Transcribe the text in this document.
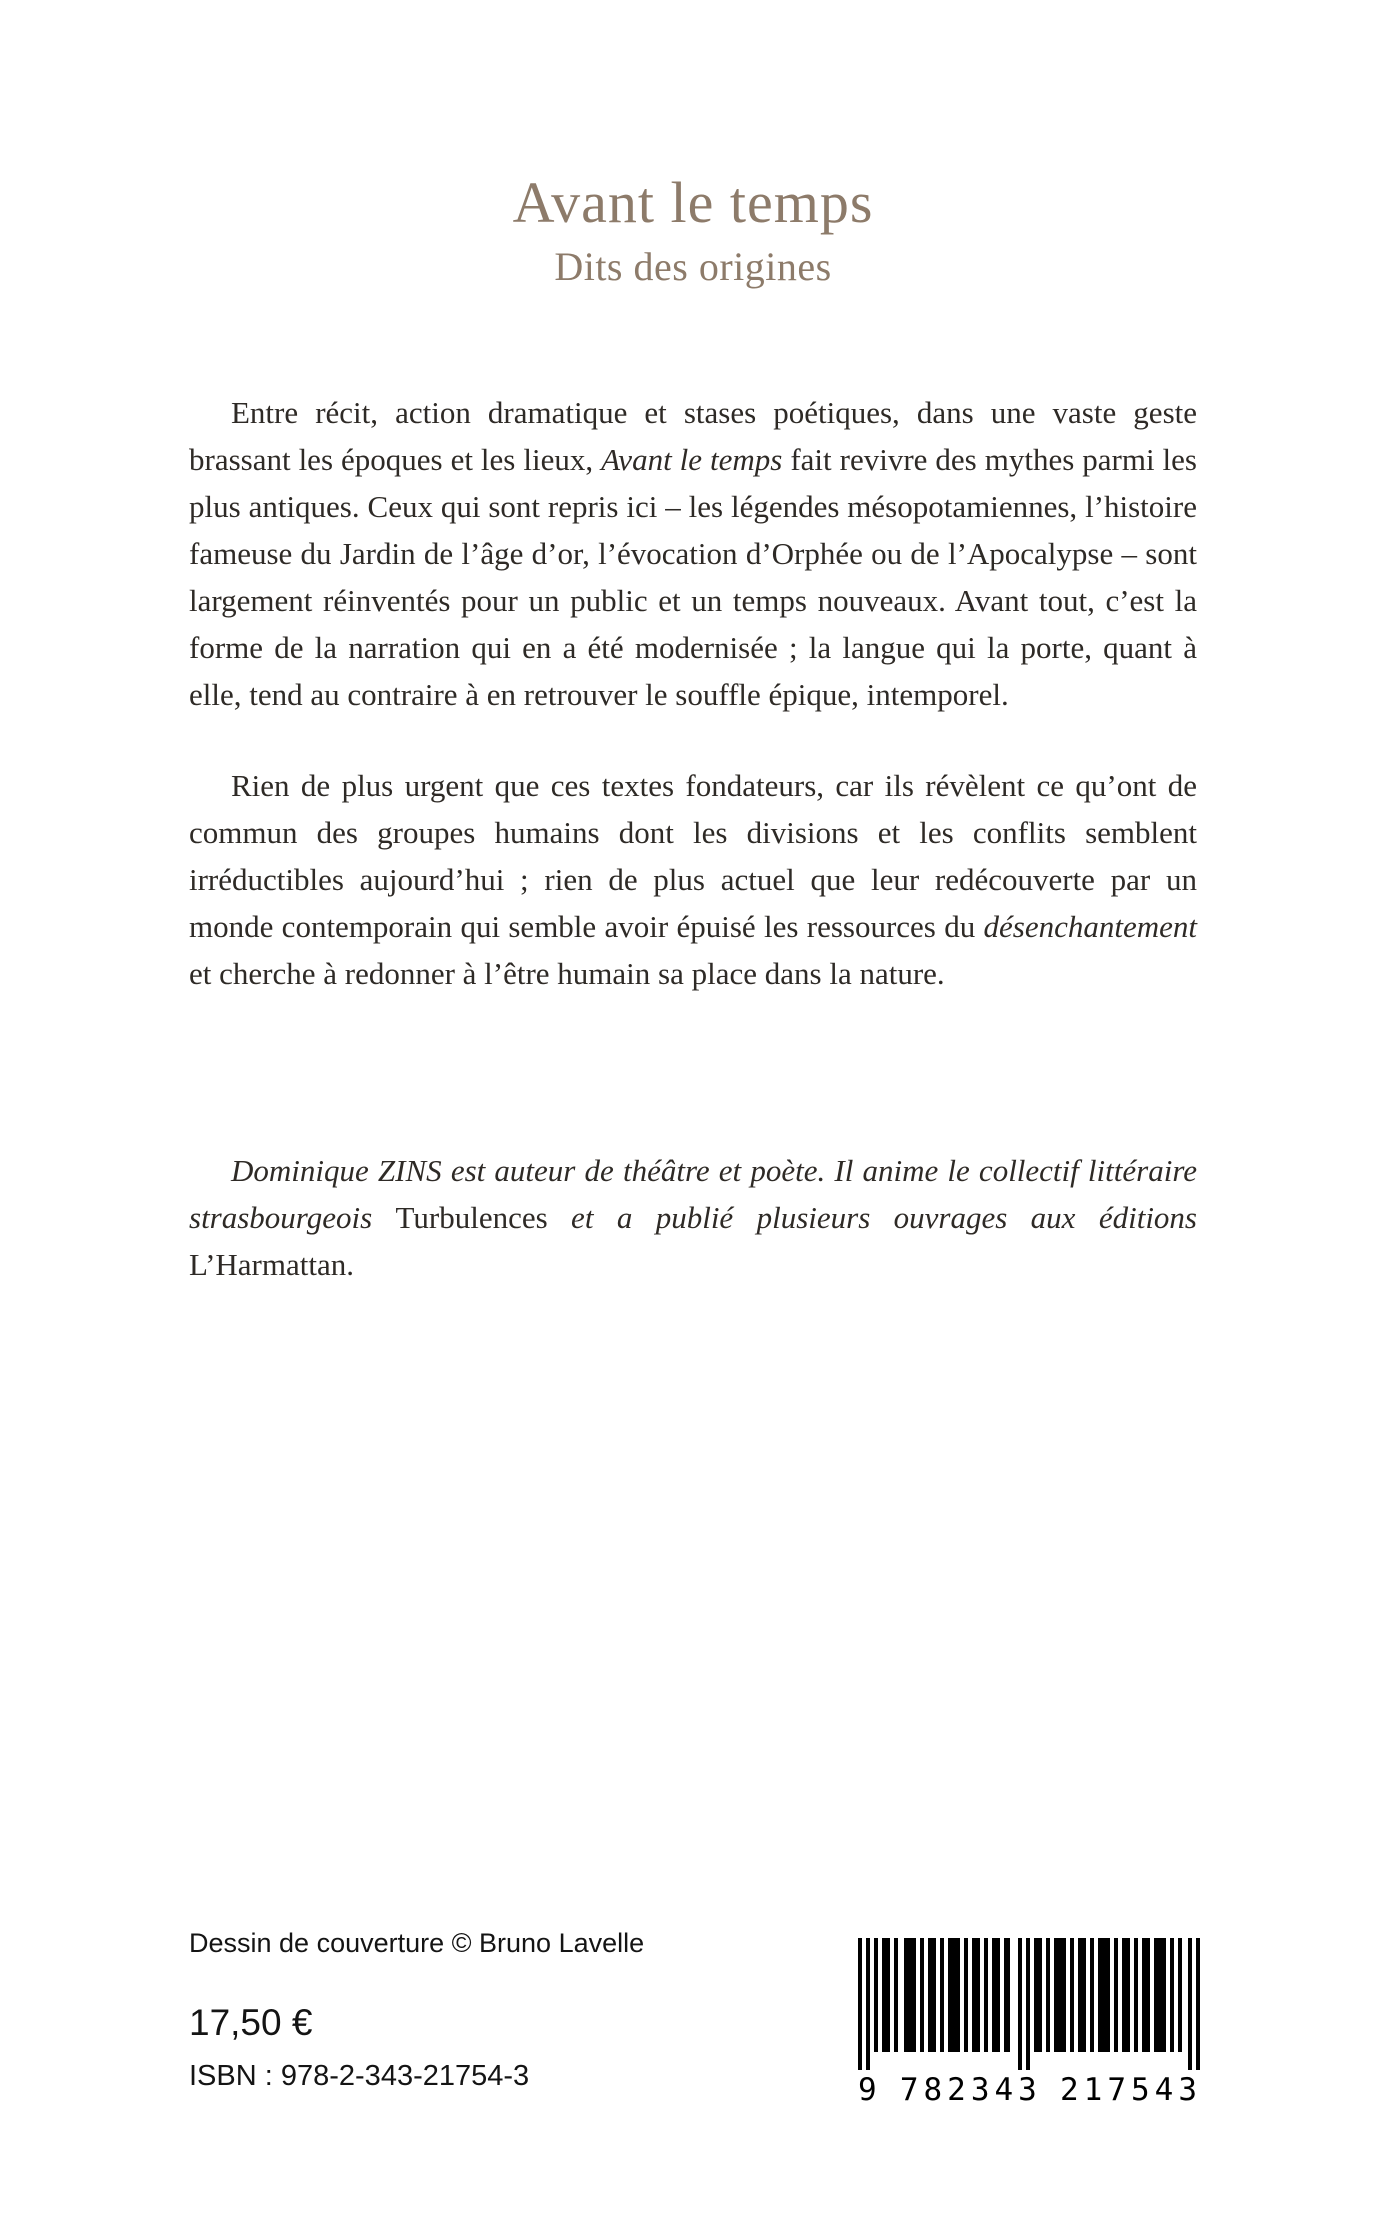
Avant le temps
Dits des origines

Entre récit, action dramatique et stases poétiques, dans une vaste geste brassant les époques et les lieux, Avant le temps fait revivre des mythes parmi les plus antiques. Ceux qui sont repris ici – les légendes mésopotamiennes, l’histoire fameuse du Jardin de l’âge d’or, l’évocation d’Orphée ou de l’Apocalypse – sont largement réinventés pour un public et un temps nouveaux. Avant tout, c’est la forme de la narration qui en a été modernisée ; la langue qui la porte, quant à elle, tend au contraire à en retrouver le souffle épique, intemporel.

Rien de plus urgent que ces textes fondateurs, car ils révèlent ce qu’ont de commun des groupes humains dont les divisions et les conflits semblent irréductibles aujourd’hui ; rien de plus actuel que leur redécouverte par un monde contemporain qui semble avoir épuisé les ressources du désenchantement et cherche à redonner à l’être humain sa place dans la nature.

Dominique ZINS est auteur de théâtre et poète. Il anime le collectif littéraire strasbourgeois Turbulences et a publié plusieurs ouvrages aux éditions L’Harmattan.

Dessin de couverture © Bruno Lavelle
17,50 €
ISBN : 978-2-343-21754-3	9 782343 217543
